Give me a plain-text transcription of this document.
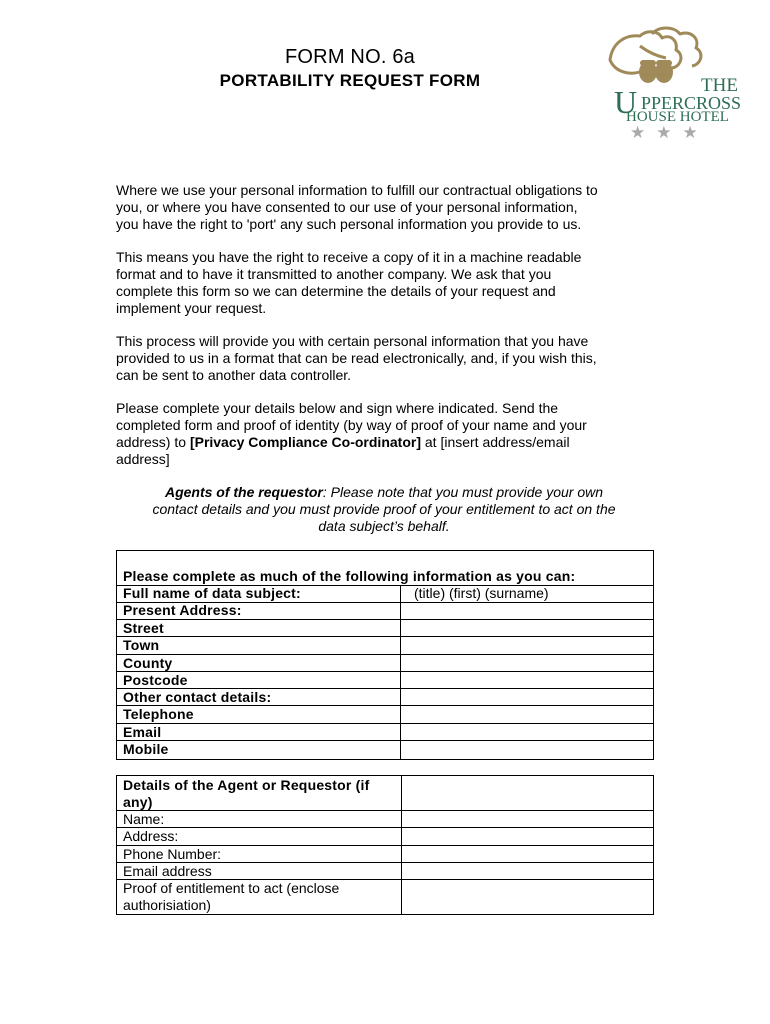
FORM NO. 6a
PORTABILITY REQUEST FORM	THE
U PPERCROSS
HOUSE HOTEL
★★★
Where we use your personal information to fulfill our contractual obligations to
you, or where you have consented to our use of your personal information,
you have the right to 'port' any such personal information you provide to us.
This means you have the right to receive a copy of it in a machine readable
format and to have it transmitted to another company. We ask that you
complete this form so we can determine the details of your request and
implement your request.
This process will provide you with certain personal information that you have
provided to us in a format that can be read electronically, and, if you wish this,
can be sent to another data controller.
Please complete your details below and sign where indicated. Send the
completed form and proof of identity (by way of proof of your name and your
address) to [Privacy Compliance Co-ordinator] at [insert address/email
address]
Agents of the requestor: Please note that you must provide your own
contact details and you must provide proof of your entitlement to act on the
data subject’s behalf.
Please complete as much of the following information as you can:
Full name of data subject:	(title) (first) (surname)
Present Address:
Street
Town
County
Postcode
Other contact details:
Telephone
Email
Mobile
Details of the Agent or Requestor (if
any)
Name:
Address:
Phone Number:
Email address
Proof of entitlement to act (enclose
authorisiation)
